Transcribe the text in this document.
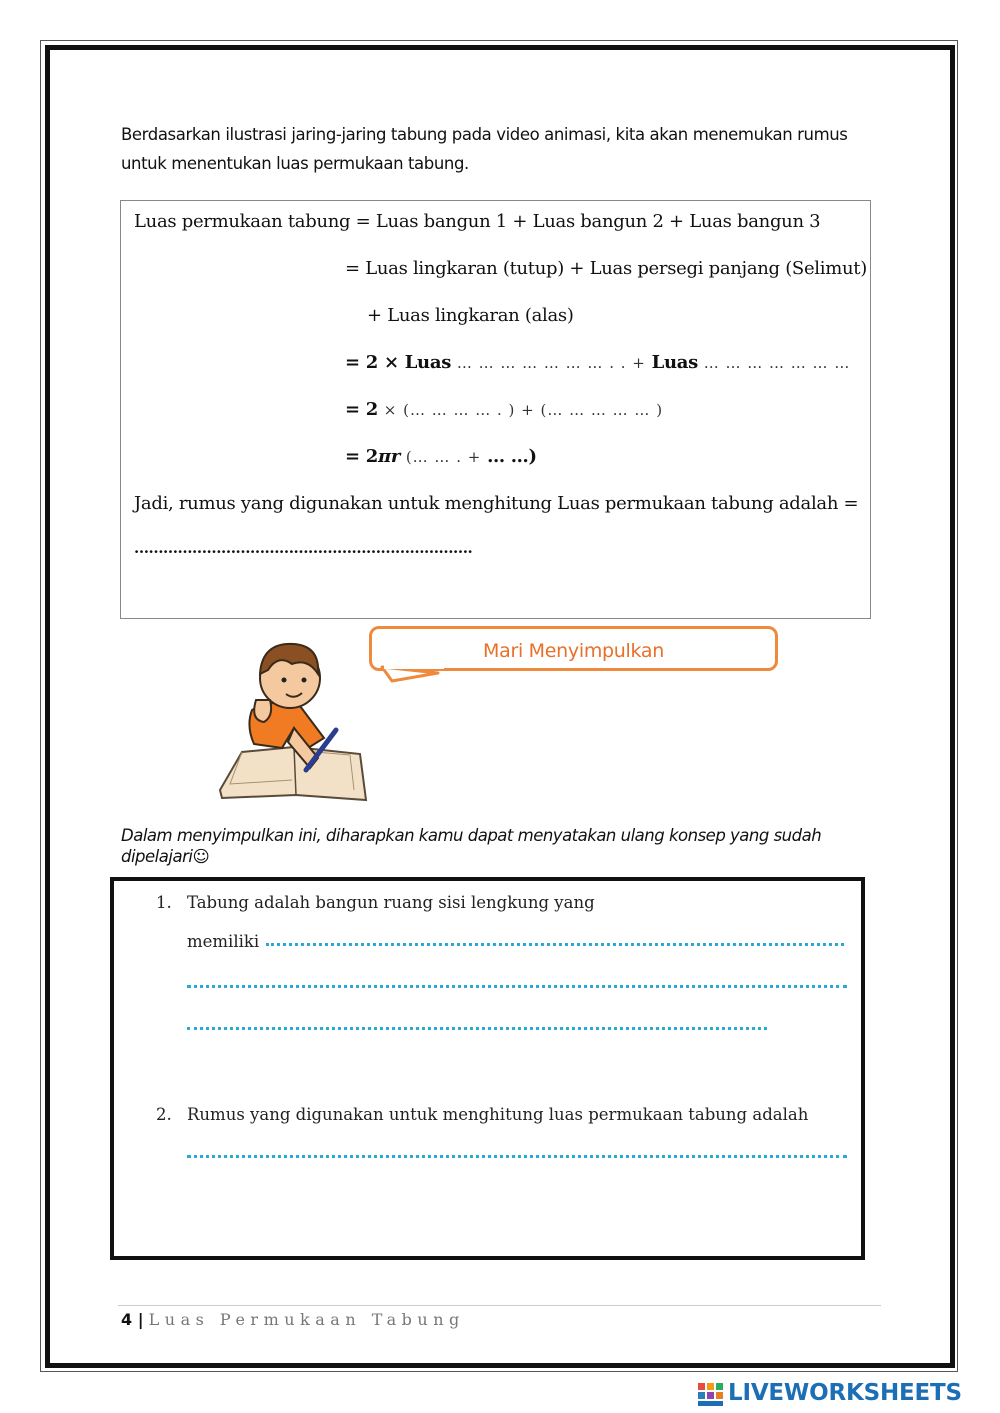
Berdasarkan ilustrasi jaring-jaring tabung pada video animasi, kita akan menemukan rumus untuk menentukan luas permukaan tabung.
Luas permukaan tabung = Luas bangun 1 + Luas bangun 2 + Luas bangun 3
= Luas lingkaran (tutup) + Luas persegi panjang (Selimut)
+ Luas lingkaran (alas)
= 2 × Luas … … … … … … … . . + Luas … … … … … … …
= 2 × (… … … … . ) + (… … … … … )
= 2πr (… … . + … …)
Jadi, rumus yang digunakan untuk menghitung Luas permukaan tabung adalah =
…………………………………………………………….
Mari Menyimpulkan
Dalam menyimpulkan ini, diharapkan kamu dapat menyatakan ulang konsep yang sudah dipelajari☺
1. Tabung adalah bangun ruang sisi lengkung yang
memiliki
2. Rumus yang digunakan untuk menghitung luas permukaan tabung adalah
4 | Luas Permukaan Tabung
LIVEWORKSHEETS
